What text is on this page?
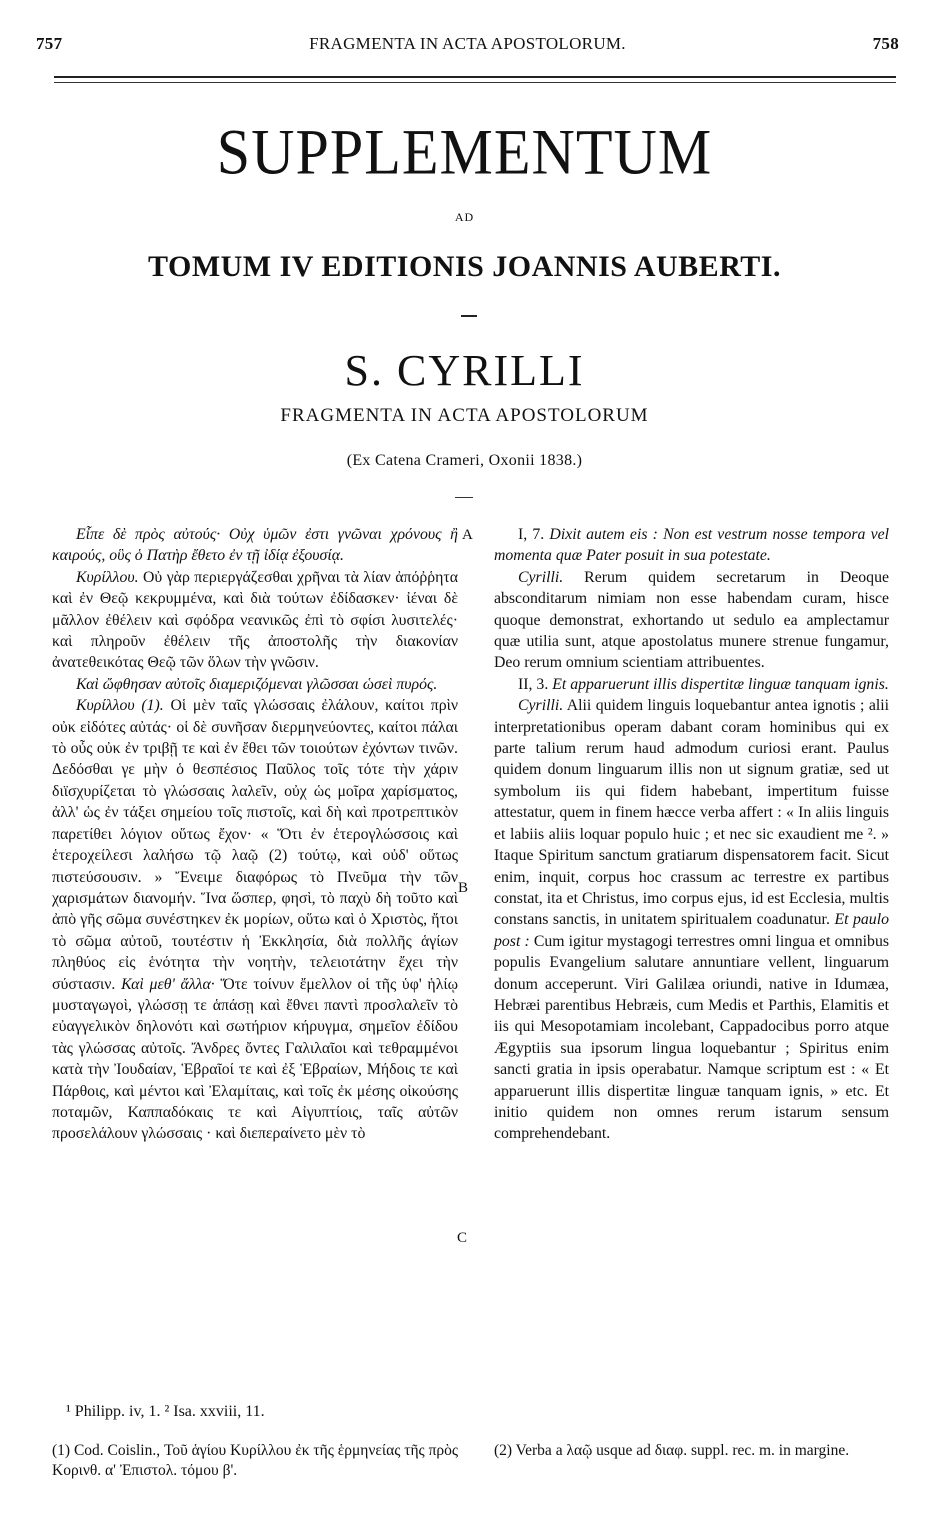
757	FRAGMENTA IN ACTA APOSTOLORUM.	758
SUPPLEMENTUM
AD
TOMUM IV EDITIONIS JOANNIS AUBERTI.
S. CYRILLI
FRAGMENTA IN ACTA APOSTOLORUM
(Ex Catena Crameri, Oxonii 1838.)
A
B
C

Εἶπε δὲ πρὸς αὐτούς· Οὐχ ὑμῶν ἐστι γνῶναι χρόνους ἢ καιρούς, οὓς ὁ Πατὴρ ἔθετο ἐν τῇ ἰδίᾳ ἐξουσίᾳ.

Κυρίλλου. Οὐ γὰρ περιεργάζεσθαι χρῆναι τὰ λίαν ἀπόῤῥητα καὶ ἐν Θεῷ κεκρυμμένα, καὶ διὰ τούτων ἐδίδασκεν· ἰέναι δὲ μᾶλλον ἐθέλειν καὶ σφόδρα νεανικῶς ἐπὶ τὸ σφίσι λυσιτελές· καὶ πληροῦν ἐθέλειν τῆς ἀποστολῆς τὴν διακονίαν ἀνατεθεικότας Θεῷ τῶν ὅλων τὴν γνῶσιν.

Καὶ ὤφθησαν αὐτοῖς διαμεριζόμεναι γλῶσσαι ὡσεὶ πυρός.

Κυρίλλου (1). Οἱ μὲν ταῖς γλώσσαις ἐλάλουν, καίτοι πρὶν οὐκ εἰδότες αὐτάς· οἱ δὲ συνῆσαν διερμηνεύοντες, καίτοι πάλαι τὸ οὖς οὐκ ἐν τριβῇ τε καὶ ἐν ἔθει τῶν τοιούτων ἐχόντων τινῶν. Δεδόσθαι γε μὴν ὁ θεσπέσιος Παῦλος τοῖς τότε τὴν χάριν διϊσχυρίζεται τὸ γλώσσαις λαλεῖν, οὐχ ὡς μοῖρα χαρίσματος, ἀλλ' ὡς ἐν τάξει σημείου τοῖς πιστοῖς, καὶ δὴ καὶ προτρεπτικὸν παρετίθει λόγιον οὕτως ἔχον· « Ὅτι ἐν ἑτερογλώσσοις καὶ ἑτεροχείλεσι λαλήσω τῷ λαῷ (2) τούτῳ, καὶ οὐδ' οὕτως πιστεύσουσιν. » Ἔνειμε διαφόρως τὸ Πνεῦμα τὴν τῶν χαρισμάτων διανομήν. Ἵνα ὥσπερ, φησὶ, τὸ παχὺ δὴ τοῦτο καὶ ἀπὸ γῆς σῶμα συνέστηκεν ἐκ μορίων, οὕτω καὶ ὁ Χριστὸς, ἤτοι τὸ σῶμα αὐτοῦ, τουτέστιν ἡ Ἐκκλησία, διὰ πολλῆς ἁγίων πληθύος εἰς ἑνότητα τὴν νοητὴν, τελειοτάτην ἔχει τὴν σύστασιν. Καὶ μεθ' ἄλλα· Ὅτε τοίνυν ἔμελλον οἱ τῆς ὑφ' ἡλίῳ μυσταγωγοὶ, γλώσσῃ τε ἁπάσῃ καὶ ἔθνει παντὶ προσλαλεῖν τὸ εὐαγγελικὸν δηλονότι καὶ σωτήριον κήρυγμα, σημεῖον ἐδίδου τὰς γλώσσας αὐτοῖς. Ἄνδρες ὄντες Γαλιλαῖοι καὶ τεθραμμένοι κατὰ τὴν Ἰουδαίαν, Ἑβραῖοί τε καὶ ἐξ Ἑβραίων, Μήδοις τε καὶ Πάρθοις, καὶ μέντοι καὶ Ἐλαμίταις, καὶ τοῖς ἐκ μέσης οἰκούσης ποταμῶν, Καππαδόκαις τε καὶ Αἰγυπτίοις, ταῖς αὐτῶν προσελάλουν γλώσσαις · καὶ διεπεραίνετο μὲν τὸ

I, 7. Dixit autem eis : Non est vestrum nosse tempora vel momenta quæ Pater posuit in sua potestate.

Cyrilli. Rerum quidem secretarum in Deoque absconditarum nimiam non esse habendam curam, hisce quoque demonstrat, exhortando ut sedulo ea amplectamur quæ utilia sunt, atque apostolatus munere strenue fungamur, Deo rerum omnium scientiam attribuentes.

II, 3. Et apparuerunt illis dispertitæ linguæ tanquam ignis.

Cyrilli. Alii quidem linguis loquebantur antea ignotis ; alii interpretationibus operam dabant coram hominibus qui ex parte talium rerum haud admodum curiosi erant. Paulus quidem donum linguarum illis non ut signum gratiæ, sed ut symbolum iis qui fidem habebant, impertitum fuisse attestatur, quem in finem hæcce verba affert : « In aliis linguis et labiis aliis loquar populo huic ; et nec sic exaudient me ². » Itaque Spiritum sanctum gratiarum dispensatorem facit. Sicut enim, inquit, corpus hoc crassum ac terrestre ex partibus constat, ita et Christus, imo corpus ejus, id est Ecclesia, multis constans sanctis, in unitatem spiritualem coadunatur. Et paulo post : Cum igitur mystagogi terrestres omni lingua et omnibus populis Evangelium salutare annuntiare vellent, linguarum donum acceperunt. Viri Galilæa oriundi, native in Idumæa, Hebræi parentibus Hebræis, cum Medis et Parthis, Elamitis et iis qui Mesopotamiam incolebant, Cappadocibus porro atque Ægyptiis sua ipsorum lingua loquebantur ; Spiritus enim sancti gratia in ipsis operabatur. Namque scriptum est : « Et apparuerunt illis dispertitæ linguæ tanquam ignis, » etc. Et initio quidem non omnes rerum istarum sensum comprehendebant.

¹ Philipp. iv, 1. ² Isa. xxviii, 11.

(1) Cod. Coislin., Τοῦ ἁγίου Κυρίλλου ἐκ τῆς ἑρμηνείας τῆς πρὸς Κορινθ. α' Ἐπιστολ. τόμου β'.

(2) Verba a λαῷ usque ad διαφ. suppl. rec. m. in margine.
